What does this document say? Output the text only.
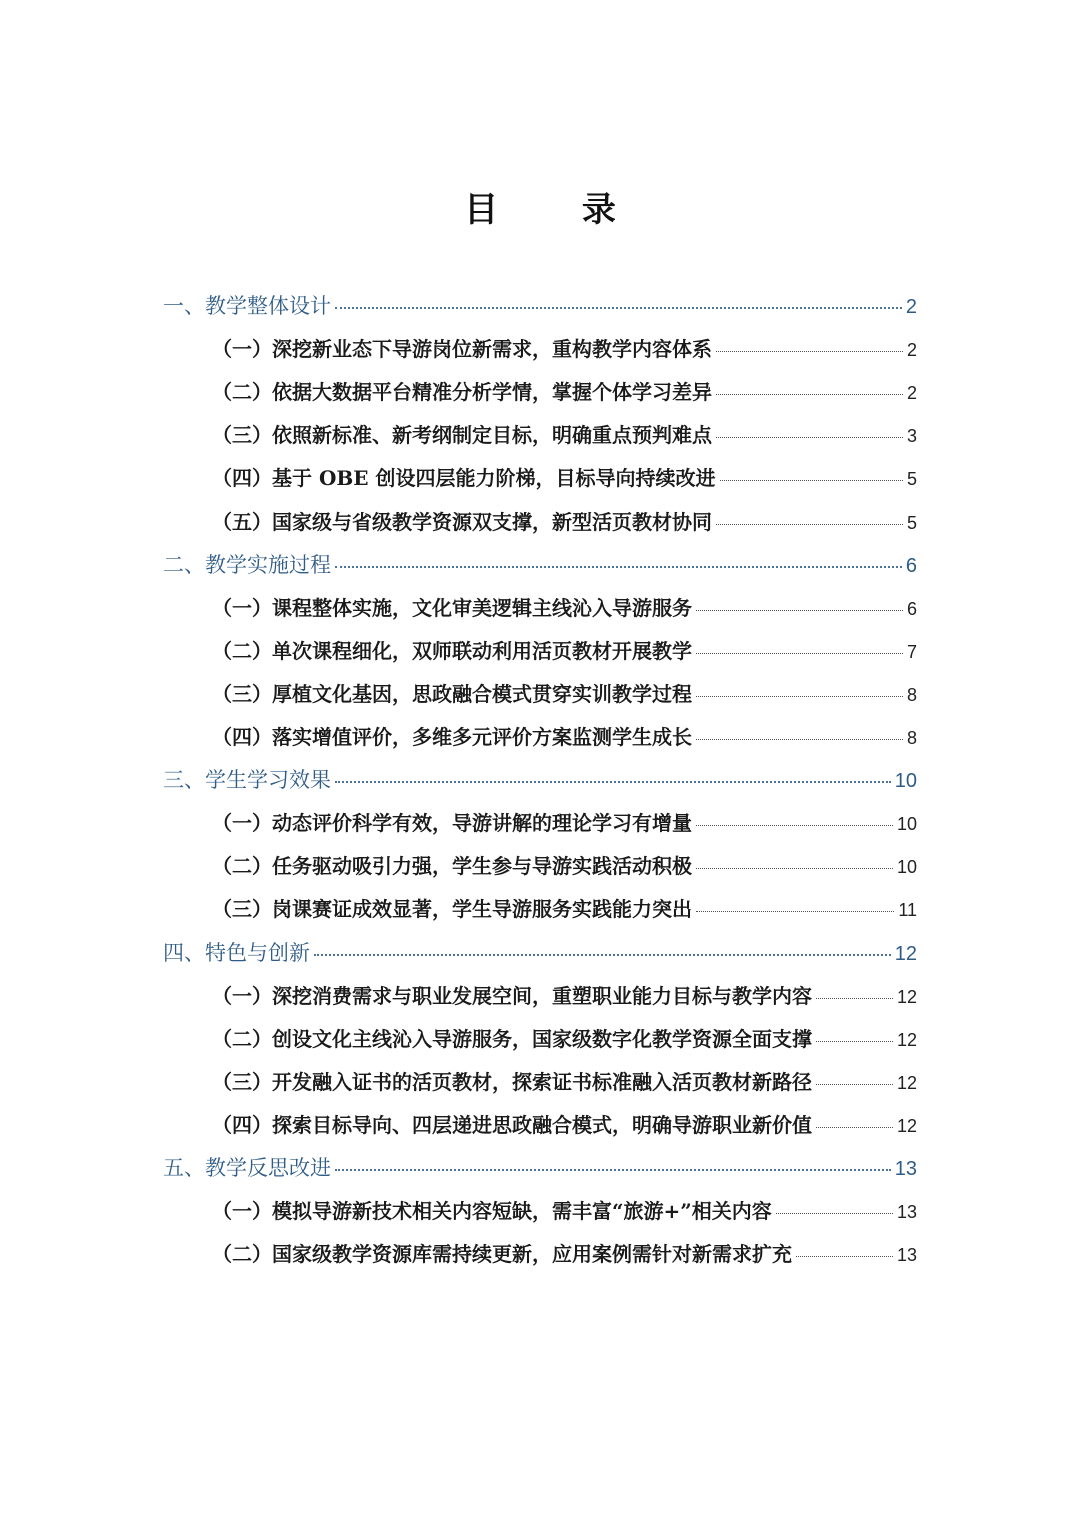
目 录
一、教学整体设计	2
（一）深挖新业态下导游岗位新需求，重构教学内容体系	2
（二）依据大数据平台精准分析学情，掌握个体学习差异	2
（三）依照新标准、新考纲制定目标，明确重点预判难点	3
（四）基于 OBE 创设四层能力阶梯，目标导向持续改进	5
（五）国家级与省级教学资源双支撑，新型活页教材协同	5
二、教学实施过程	6
（一）课程整体实施，文化审美逻辑主线沁入导游服务	6
（二）单次课程细化，双师联动利用活页教材开展教学	7
（三）厚植文化基因，思政融合模式贯穿实训教学过程	8
（四）落实增值评价，多维多元评价方案监测学生成长	8
三、学生学习效果	10
（一）动态评价科学有效，导游讲解的理论学习有增量	10
（二）任务驱动吸引力强，学生参与导游实践活动积极	10
（三）岗课赛证成效显著，学生导游服务实践能力突出	11
四、特色与创新	12
（一）深挖消费需求与职业发展空间，重塑职业能力目标与教学内容	12
（二）创设文化主线沁入导游服务，国家级数字化教学资源全面支撑	12
（三）开发融入证书的活页教材，探索证书标准融入活页教材新路径	12
（四）探索目标导向、四层递进思政融合模式，明确导游职业新价值	12
五、教学反思改进	13
（一）模拟导游新技术相关内容短缺，需丰富“旅游+”相关内容	13
（二）国家级教学资源库需持续更新，应用案例需针对新需求扩充	13
